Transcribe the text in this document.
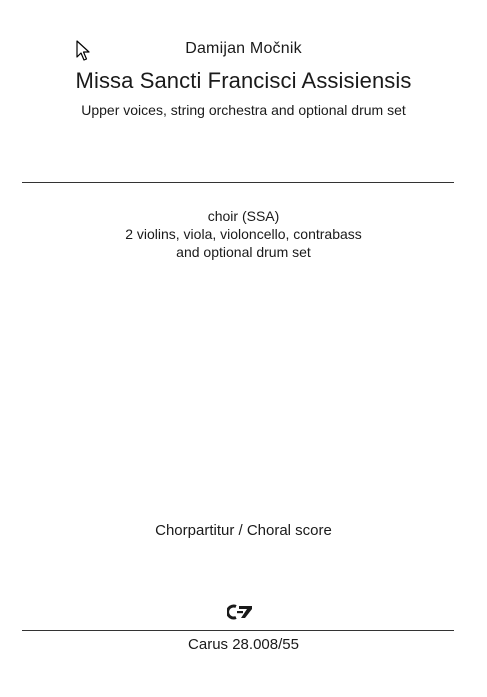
Damijan Močnik
Missa Sancti Francisci Assisiensis
Upper voices, string orchestra and optional drum set
choir (SSA)
2 violins, viola, violoncello, contrabass
and optional drum set
Chorpartitur / Choral score
Carus 28.008/55
